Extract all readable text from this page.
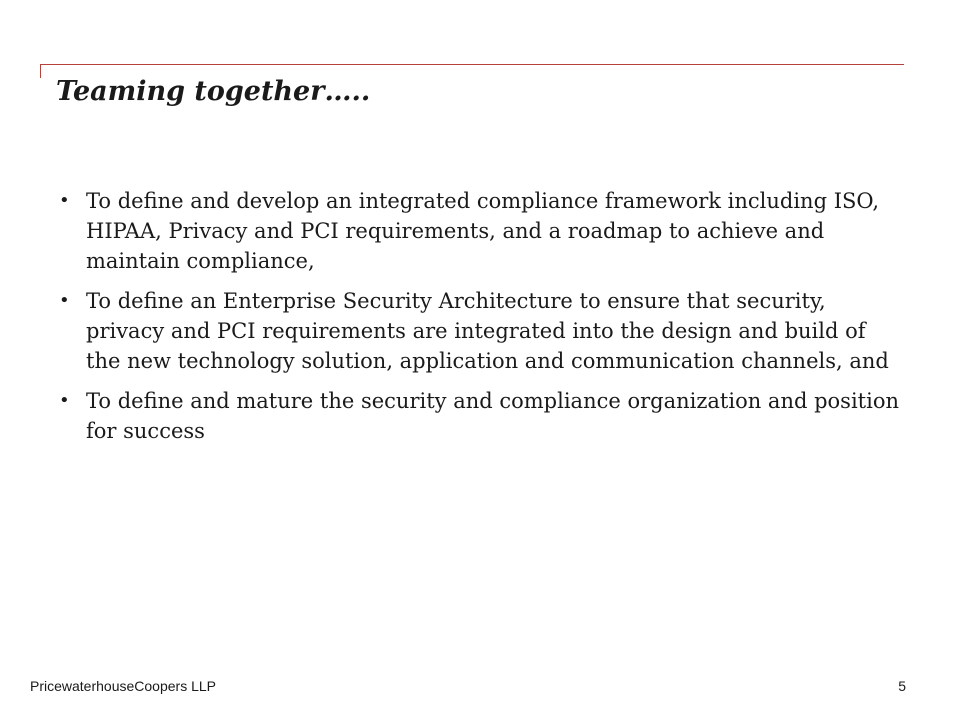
Teaming together…..
• To define and develop an integrated compliance framework including ISO, HIPAA, Privacy and PCI requirements, and a roadmap to achieve and maintain compliance,
• To define an Enterprise Security Architecture to ensure that security, privacy and PCI requirements are integrated into the design and build of the new technology solution, application and communication channels, and
• To define and mature the security and compliance organization and position for success
PricewaterhouseCoopers LLP	5
